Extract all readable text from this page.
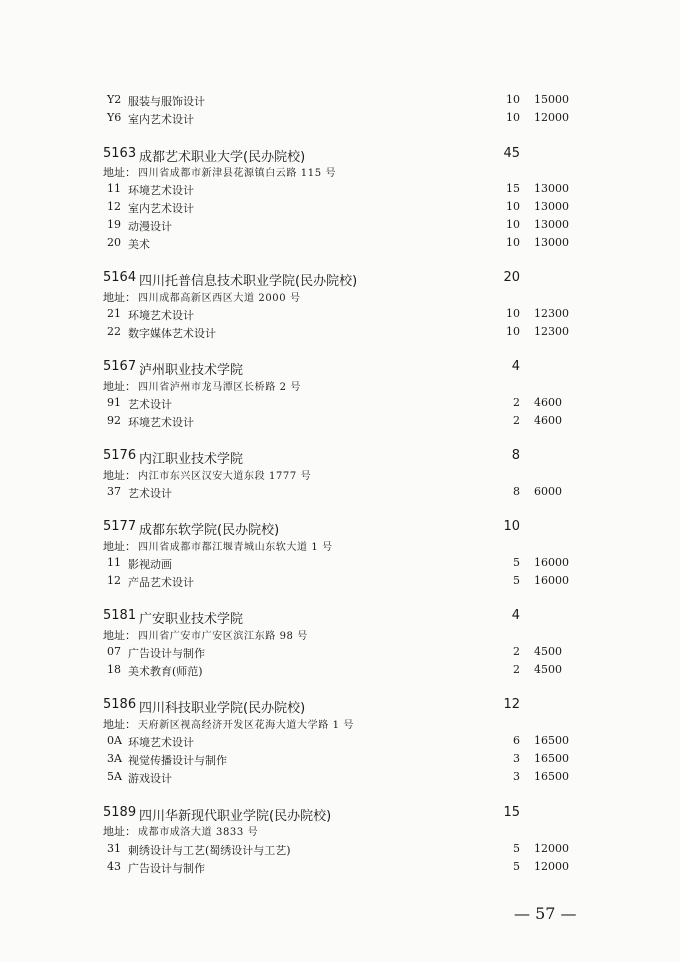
Y2 服装与服饰设计	10 15000
Y6 室内艺术设计	10 12000
5163 成都艺术职业大学(民办院校)	45
地址： 四川省成都市新津县花源镇白云路 115 号
11 环境艺术设计	15 13000
12 室内艺术设计	10 13000
19 动漫设计	10 13000
20 美术	10 13000
5164 四川托普信息技术职业学院(民办院校)	20
地址： 四川成都高新区西区大道 2000 号
21 环境艺术设计	10 12300
22 数字媒体艺术设计	10 12300
5167 泸州职业技术学院	4
地址： 四川省泸州市龙马潭区长桥路 2 号
91 艺术设计	2 4600
92 环境艺术设计	2 4600
5176 内江职业技术学院	8
地址： 内江市东兴区汉安大道东段 1777 号
37 艺术设计	8 6000
5177 成都东软学院(民办院校)	10
地址： 四川省成都市都江堰青城山东软大道 1 号
11 影视动画	5 16000
12 产品艺术设计	5 16000
5181 广安职业技术学院	4
地址： 四川省广安市广安区滨江东路 98 号
07 广告设计与制作	2 4500
18 美术教育(师范)	2 4500
5186 四川科技职业学院(民办院校)	12
地址： 天府新区视高经济开发区花海大道大学路 1 号
0A 环境艺术设计	6 16500
3A 视觉传播设计与制作	3 16500
5A 游戏设计	3 16500
5189 四川华新现代职业学院(民办院校)	15
地址： 成都市成洛大道 3833 号
31 刺绣设计与工艺(蜀绣设计与工艺)	5 12000
43 广告设计与制作	5 12000
— 57 —
